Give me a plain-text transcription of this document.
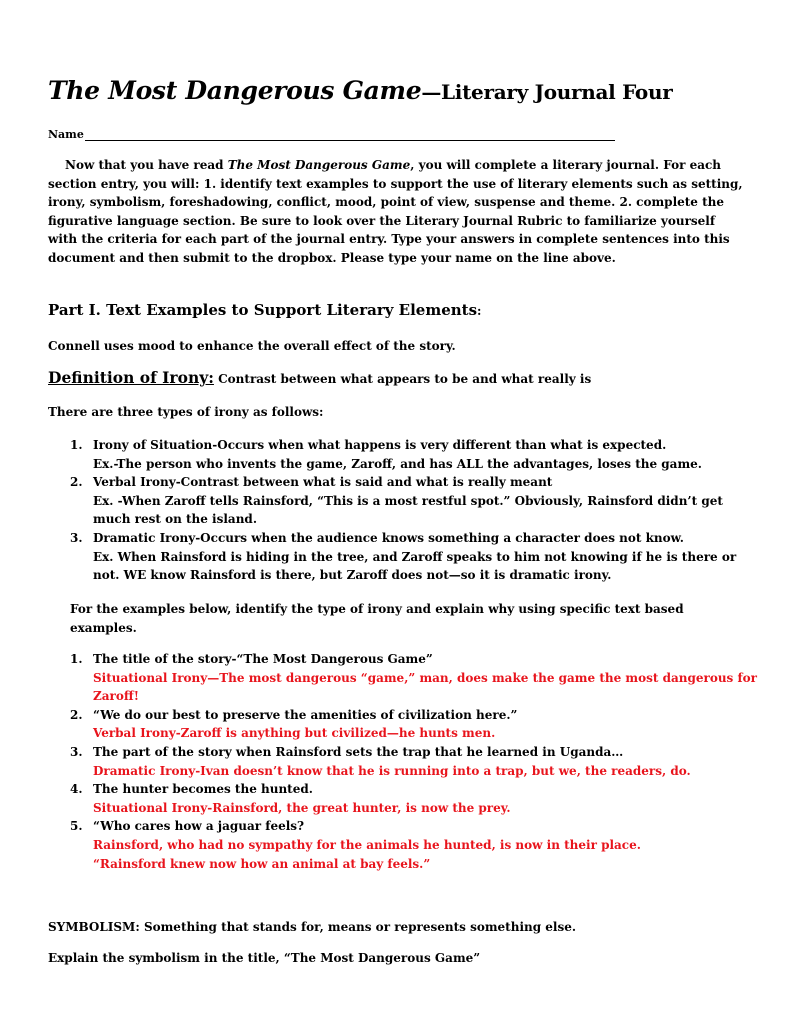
The Most Dangerous Game—Literary Journal Four
Name
Now that you have read The Most Dangerous Game, you will complete a literary journal. For each section entry, you will: 1. identify text examples to support the use of literary elements such as setting, irony, symbolism, foreshadowing, conflict, mood, point of view, suspense and theme. 2. complete the figurative language section. Be sure to look over the Literary Journal Rubric to familiarize yourself with the criteria for each part of the journal entry. Type your answers in complete sentences into this document and then submit to the dropbox. Please type your name on the line above.
Part I. Text Examples to Support Literary Elements:
Connell uses mood to enhance the overall effect of the story.
Definition of Irony: Contrast between what appears to be and what really is
There are three types of irony as follows:
1. Irony of Situation-Occurs when what happens is very different than what is expected.
Ex.-The person who invents the game, Zaroff, and has ALL the advantages, loses the game.
2. Verbal Irony-Contrast between what is said and what is really meant
Ex. -When Zaroff tells Rainsford, “This is a most restful spot.” Obviously, Rainsford didn’t get much rest on the island.
3. Dramatic Irony-Occurs when the audience knows something a character does not know.
Ex. When Rainsford is hiding in the tree, and Zaroff speaks to him not knowing if he is there or not. WE know Rainsford is there, but Zaroff does not—so it is dramatic irony.
For the examples below, identify the type of irony and explain why using specific text based examples.
1. The title of the story-“The Most Dangerous Game”
Situational Irony—The most dangerous “game,” man, does make the game the most dangerous for Zaroff!
2. “We do our best to preserve the amenities of civilization here.”
Verbal Irony-Zaroff is anything but civilized—he hunts men.
3. The part of the story when Rainsford sets the trap that he learned in Uganda…
Dramatic Irony-Ivan doesn’t know that he is running into a trap, but we, the readers, do.
4. The hunter becomes the hunted.
Situational Irony-Rainsford, the great hunter, is now the prey.
5. “Who cares how a jaguar feels?
Rainsford, who had no sympathy for the animals he hunted, is now in their place.
“Rainsford knew now how an animal at bay feels.”
SYMBOLISM: Something that stands for, means or represents something else.
Explain the symbolism in the title, “The Most Dangerous Game”
